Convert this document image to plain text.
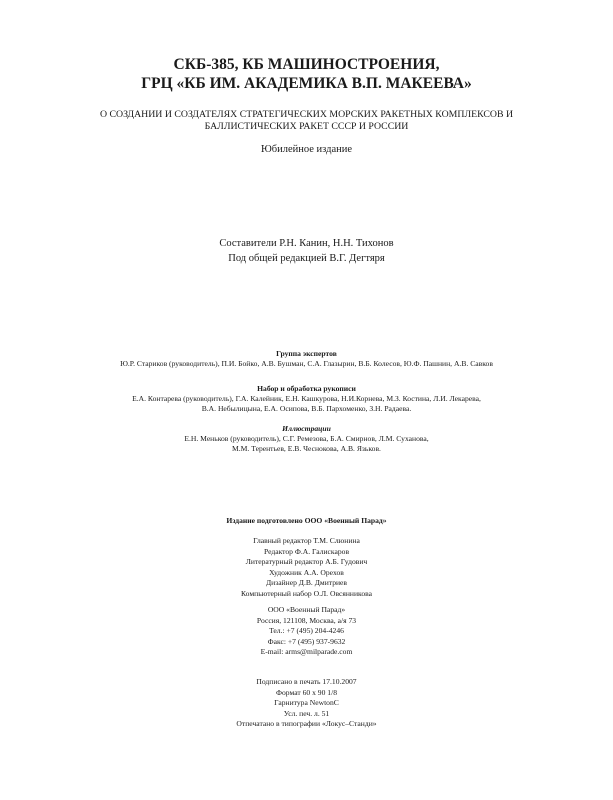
СКБ-385, КБ МАШИНОСТРОЕНИЯ,
ГРЦ «КБ ИМ. АКАДЕМИКА В.П. МАКЕЕВА»
О СОЗДАНИИ И СОЗДАТЕЛЯХ СТРАТЕГИЧЕСКИХ МОРСКИХ РАКЕТНЫХ КОМПЛЕКСОВ И
БАЛЛИСТИЧЕСКИХ РАКЕТ СССР И РОССИИ
Юбилейное издание
Составители Р.Н. Канин, Н.Н. Тихонов
Под общей редакцией В.Г. Дегтяря
Группа экспертов
Ю.Р. Стариков (руководитель), П.И. Бойко, А.В. Бушман, С.А. Глазырин, В.Б. Колесов, Ю.Ф. Пашнин, А.В. Савков
Набор и обработка рукописи
Е.А. Контарева (руководитель), Г.А. Калейник, Е.Н. Кашкурова, Н.И.Корнева, М.З. Костина, Л.И. Лекарева,
В.А. Небылицына, Е.А. Осипова, В.Б. Пархоменко, З.Н. Радаева.
Иллюстрации
Е.Н. Меньков (руководитель), С.Г. Ремезова, Б.А. Смирнов, Л.М. Суханова,
М.М. Терентьев, Е.В. Чеснокова, А.В. Язьков.
Издание подготовлено ООО «Военный Парад»
Главный редактор Т.М. Слюнина
Редактор Ф.А. Галискаров
Литературный редактор А.Б. Гудович
Художник А.А. Орехов
Дизайнер Д.В. Дмитриев
Компьютерный набор О.Л. Овсянникова
ООО «Военный Парад»
Россия, 121108, Москва, а/я 73
Тел.: +7 (495) 204-4246
Факс: +7 (495) 937-9632
E-mail: arms@milparade.com
Подписано в печать 17.10.2007
Формат 60 х 90 1/8
Гарнитура NewtonC
Усл. печ. л. 51
Отпечатано в типографии «Локус–Станди»
